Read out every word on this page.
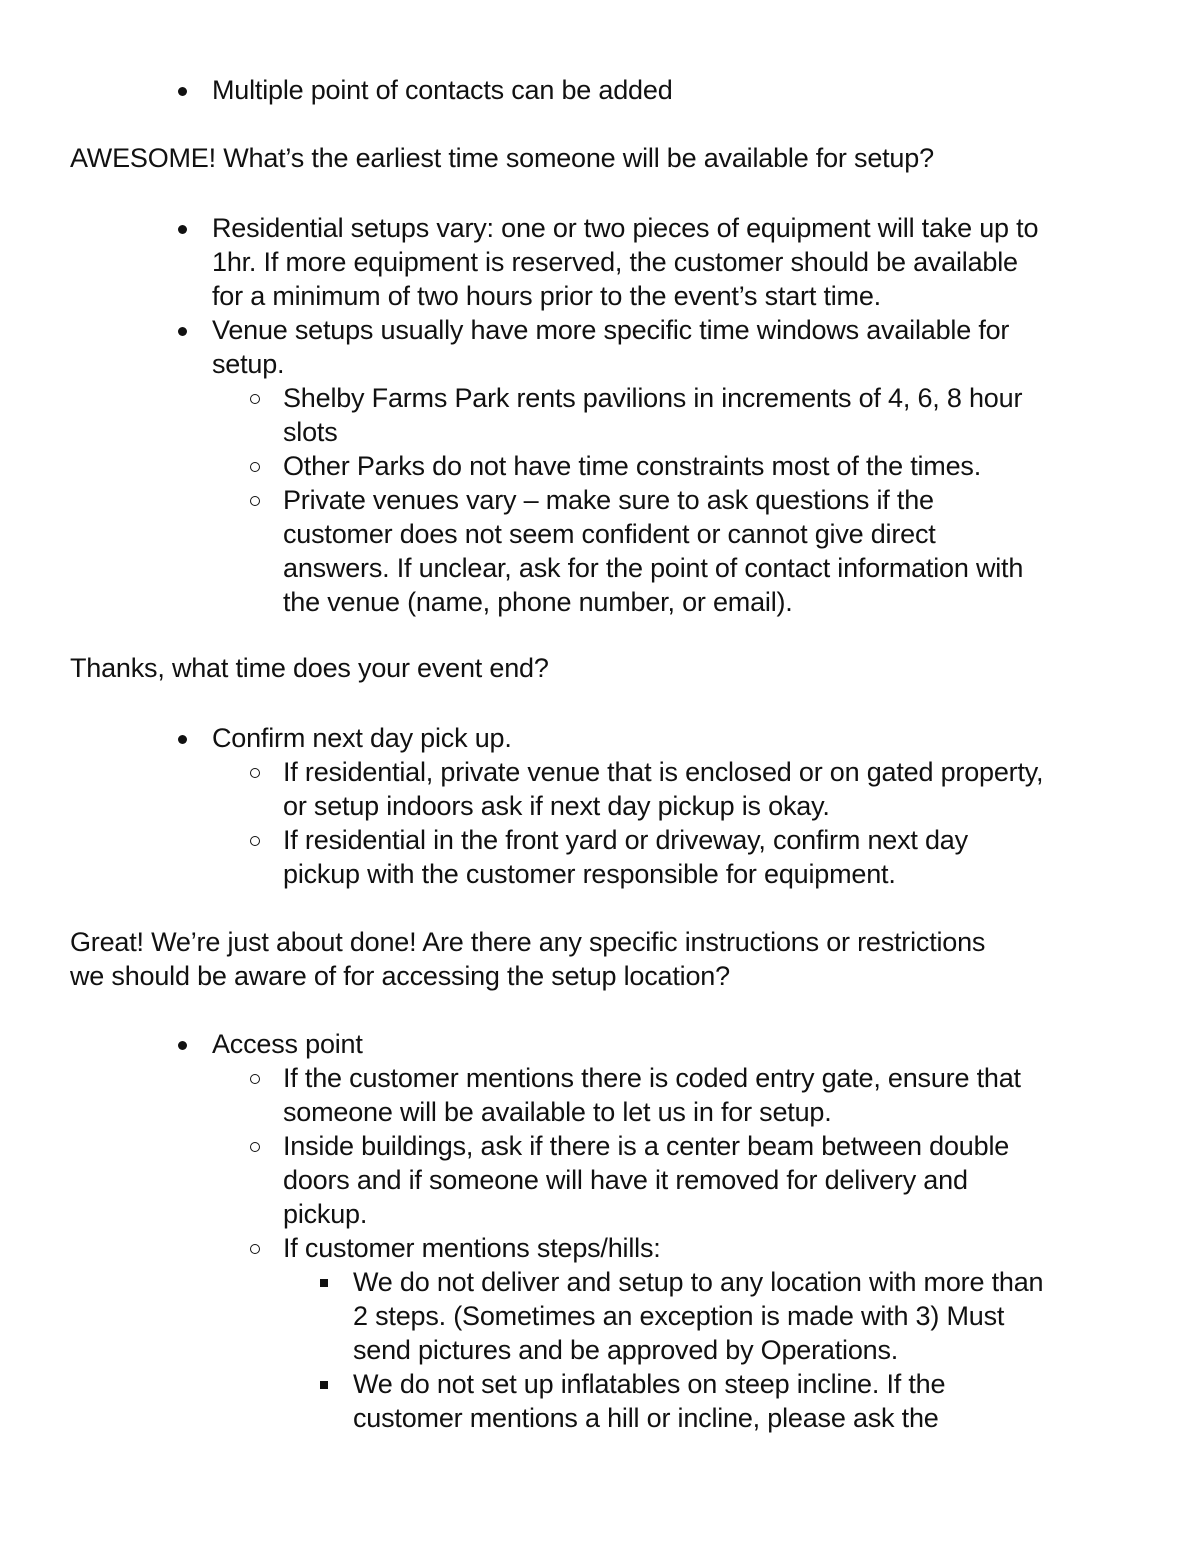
Multiple point of contacts can be added
AWESOME! What’s the earliest time someone will be available for setup?
Residential setups vary: one or two pieces of equipment will take up to
1hr. If more equipment is reserved, the customer should be available
for a minimum of two hours prior to the event’s start time.
Venue setups usually have more specific time windows available for
setup.
Shelby Farms Park rents pavilions in increments of 4, 6, 8 hour
slots
Other Parks do not have time constraints most of the times.
Private venues vary – make sure to ask questions if the
customer does not seem confident or cannot give direct
answers. If unclear, ask for the point of contact information with
the venue (name, phone number, or email).
Thanks, what time does your event end?
Confirm next day pick up.
If residential, private venue that is enclosed or on gated property,
or setup indoors ask if next day pickup is okay.
If residential in the front yard or driveway, confirm next day
pickup with the customer responsible for equipment.
Great! We’re just about done! Are there any specific instructions or restrictions
we should be aware of for accessing the setup location?
Access point
If the customer mentions there is coded entry gate, ensure that
someone will be available to let us in for setup.
Inside buildings, ask if there is a center beam between double
doors and if someone will have it removed for delivery and
pickup.
If customer mentions steps/hills:
We do not deliver and setup to any location with more than
2 steps. (Sometimes an exception is made with 3) Must
send pictures and be approved by Operations.
We do not set up inflatables on steep incline. If the
customer mentions a hill or incline, please ask the
